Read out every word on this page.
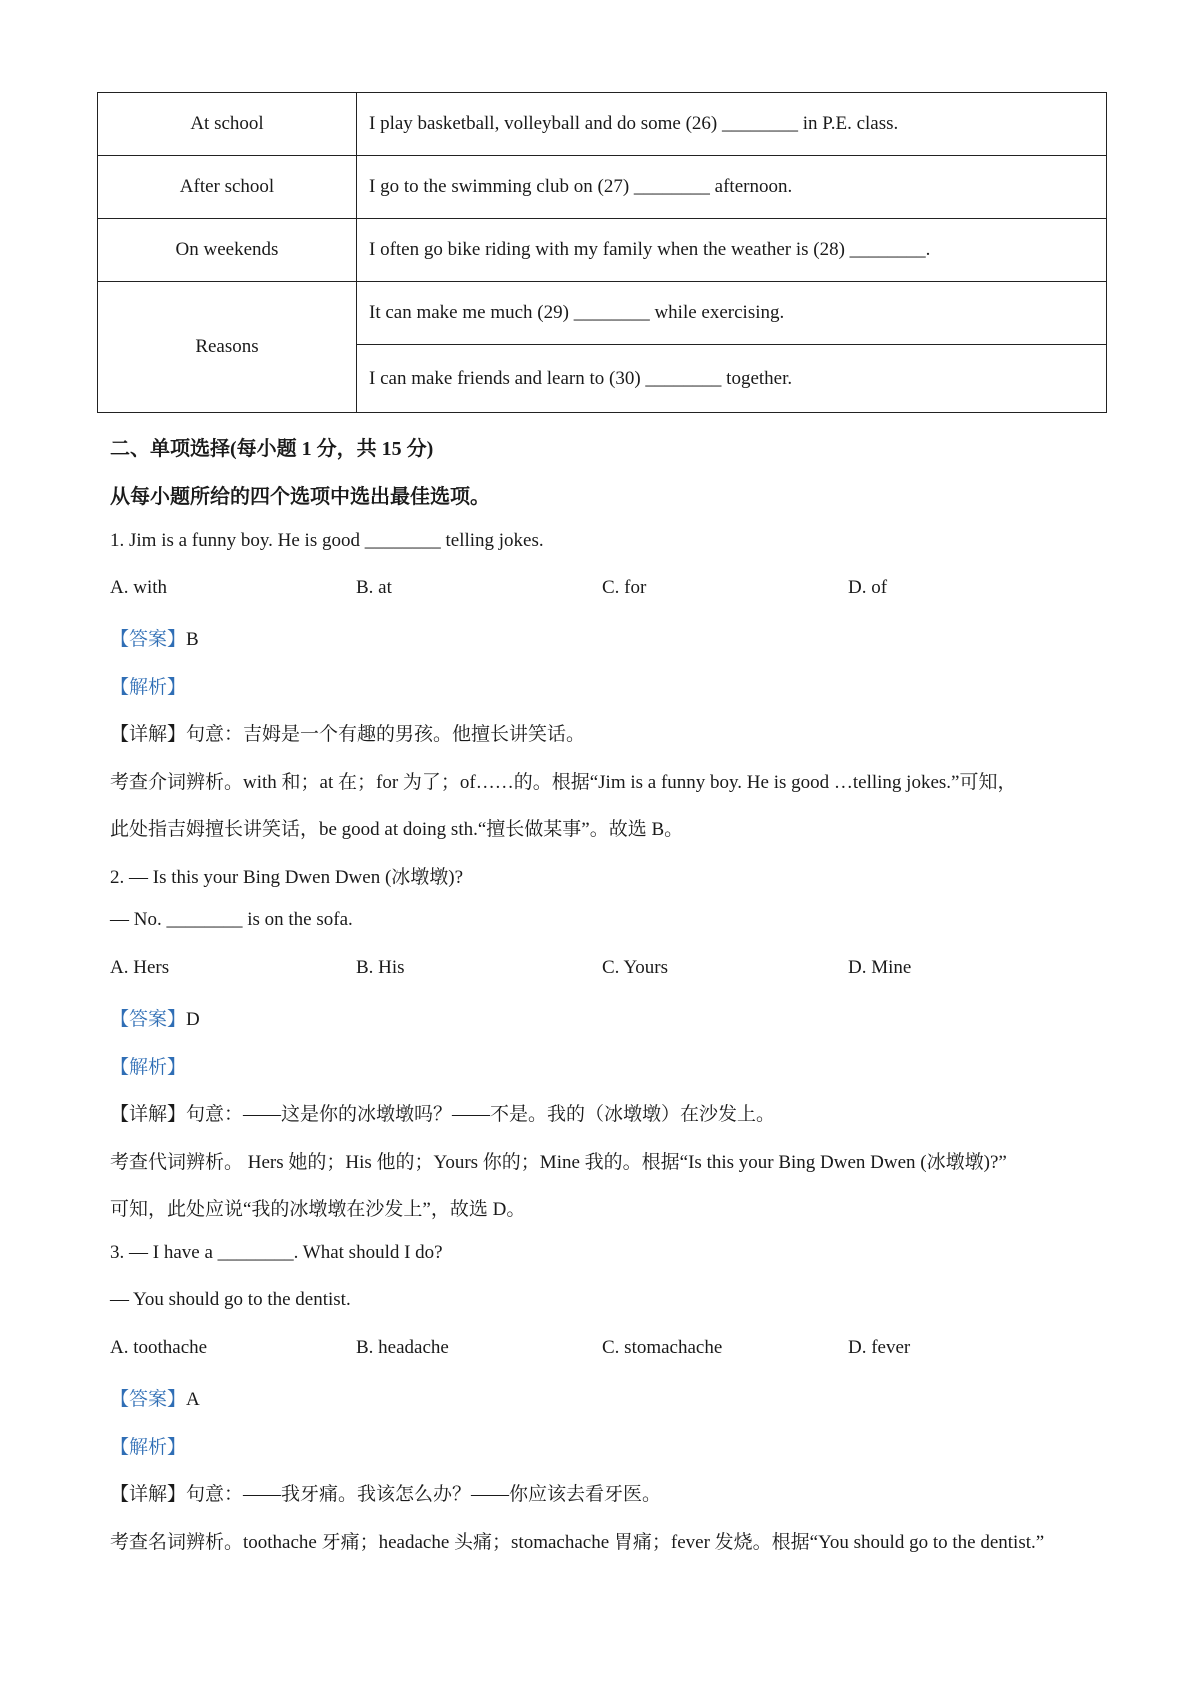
At school	I play basketball, volleyball and do some (26) ________ in P.E. class.
After school	I go to the swimming club on (27) ________ afternoon.
On weekends	I often go bike riding with my family when the weather is (28) ________.
Reasons	It can make me much (29) ________ while exercising.
	I can make friends and learn to (30) ________ together.
二、单项选择(每小题 1 分，共 15 分)
从每小题所给的四个选项中选出最佳选项。
1. Jim is a funny boy. He is good ________ telling jokes.
A. with	B. at	C. for	D. of
【答案】B
【解析】
【详解】句意：吉姆是一个有趣的男孩。他擅长讲笑话。
考查介词辨析。with 和；at 在；for 为了；of……的。根据“Jim is a funny boy. He is good …telling jokes.”可知，
此处指吉姆擅长讲笑话，be good at doing sth.“擅长做某事”。故选 B。
2. — Is this your Bing Dwen Dwen (冰墩墩)?
— No. ________ is on the sofa.
A. Hers	B. His	C. Yours	D. Mine
【答案】D
【解析】
【详解】句意：——这是你的冰墩墩吗？——不是。我的（冰墩墩）在沙发上。
考查代词辨析。 Hers 她的；His 他的；Yours 你的；Mine 我的。根据“Is this your Bing Dwen Dwen (冰墩墩)?”
可知，此处应说“我的冰墩墩在沙发上”，故选 D。
3. — I have a ________. What should I do?
— You should go to the dentist.
A. toothache	B. headache	C. stomachache	D. fever
【答案】A
【解析】
【详解】句意：——我牙痛。我该怎么办？——你应该去看牙医。
考查名词辨析。toothache 牙痛；headache 头痛；stomachache 胃痛；fever 发烧。根据“You should go to the dentist.”
